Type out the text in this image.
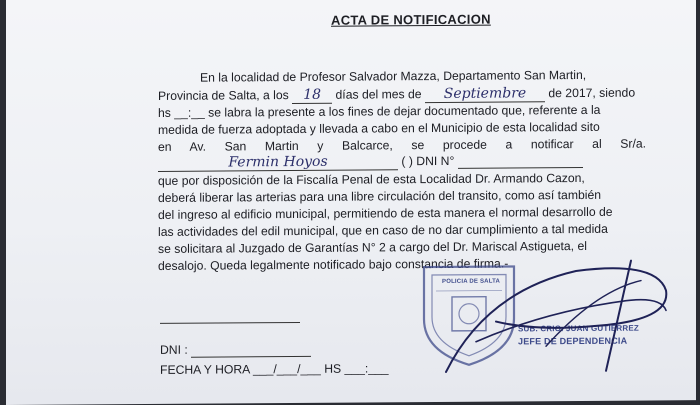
ACTA DE NOTIFICACION
En la localidad de Profesor Salvador Mazza, Departamento San Martin,
Provincia de Salta, a los 18 días del mes de Septiembre de 2017, siendo
hs __:__ se labra la presente a los fines de dejar documentado que, referente a la
medida de fuerza adoptada y llevada a cabo en el Municipio de esta localidad sito
en Av. San Martin y Balcarce, se procede a notificar al Sr/a.
Fermin Hoyos	( ) DNI N°
que por disposición de la Fiscalía Penal de esta Localidad Dr. Armando Cazon,
deberá liberar las arterias para una libre circulación del transito, como así también
del ingreso al edificio municipal, permitiendo de esta manera el normal desarrollo de
las actividades del edil municipal, que en caso de no dar cumplimiento a tal medida
se solicitara al Juzgado de Garantías N° 2 a cargo del Dr. Mariscal Astigueta, el
desalojo. Queda legalmente notificado bajo constancia de firma.-
DNI :
FECHA Y HORA ___/___/___ HS ___:___
POLICIA DE SALTA
SUB. CRIO. JUAN GUTIERREZ
JEFE DE DEPENDENCIA
